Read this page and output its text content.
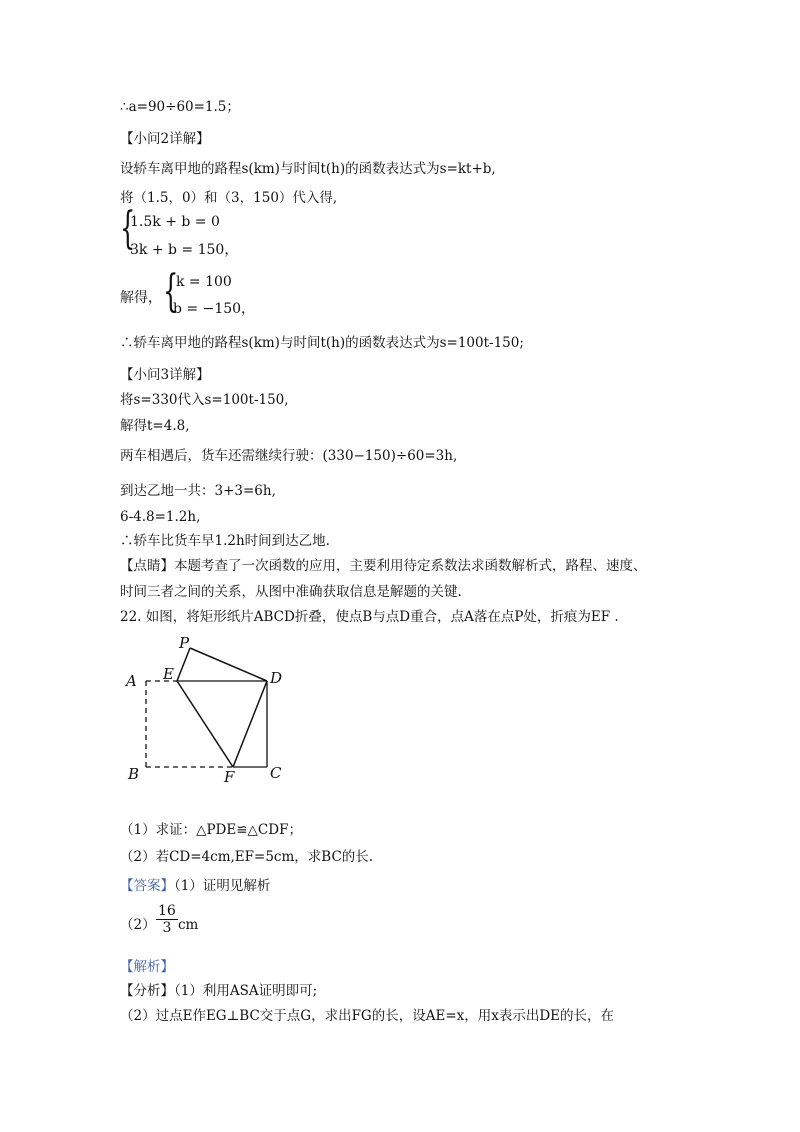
∴a=90÷60=1.5；
【小问2详解】
设轿车离甲地的路程s(km)与时间t(h)的函数表达式为s=kt+b,
将（1.5，0）和（3，150）代入得,
{
1.5k + b = 0
3k + b = 150，
解得， {
k = 100
b = −150，
∴轿车离甲地的路程s(km)与时间t(h)的函数表达式为s=100t-150;
【小问3详解】
将s=330代入s=100t-150,
解得t=4.8,
两车相遇后，货车还需继续行驶：(330−150)÷60=3h,
到达乙地一共：3+3=6h,
6-4.8=1.2h,
∴轿车比货车早1.2h时间到达乙地.
【点睛】本题考查了一次函数的应用，主要利用待定系数法求函数解析式，路程、速度、
时间三者之间的关系，从图中准确获取信息是解题的关键.
22. 如图，将矩形纸片ABCD折叠，使点B与点D重合，点A落在点P处，折痕为EF .
P
A E	D
B	F C
（1）求证：△PDE≌△CDF；
（2）若CD=4cm,EF=5cm，求BC的长.
【答案】（1）证明见解析
$(2) \frac{16}{3}$ cm
【解析】
【分析】（1）利用ASA证明即可;
（2）过点E作EG⊥BC交于点G，求出FG的长，设AE=x，用x表示出DE的长，在
